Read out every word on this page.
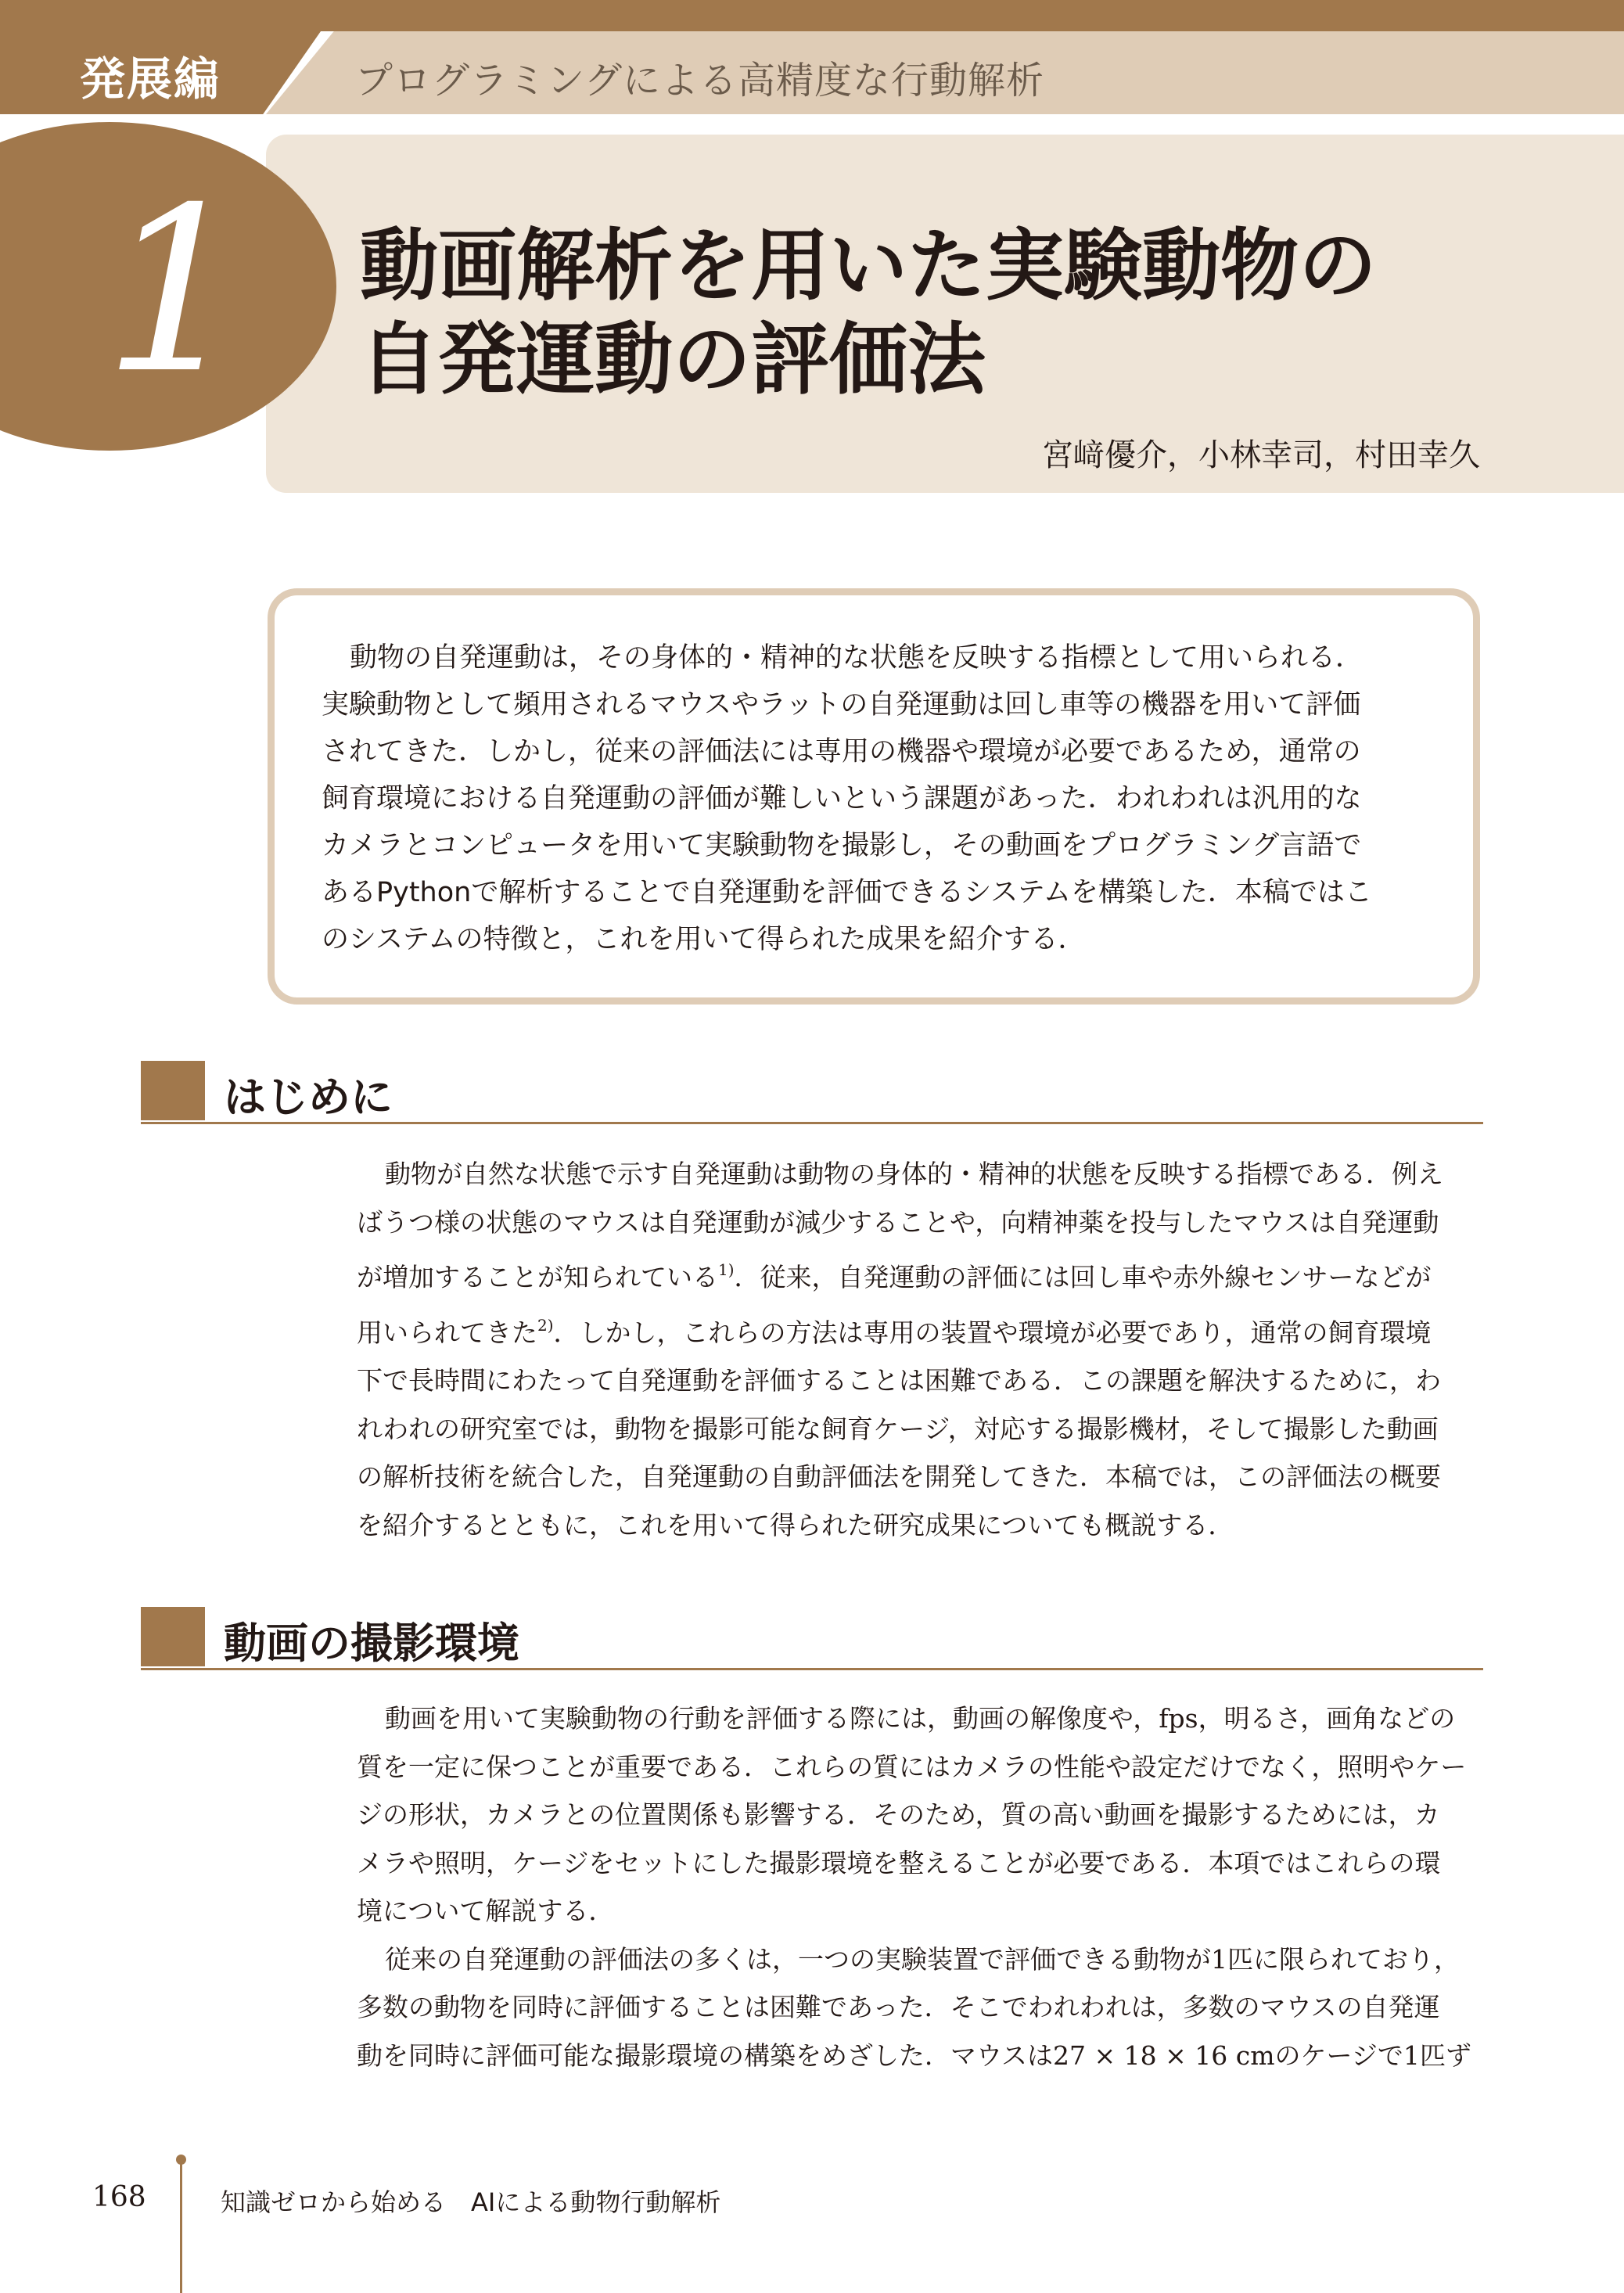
発展編	プログラミングによる高精度な行動解析
1 動画解析を用いた実験動物の
自発運動の評価法
宮﨑優介，小林幸司，村田幸久
動物の自発運動は，その身体的・精神的な状態を反映する指標として用いられる．
実験動物として頻用されるマウスやラットの自発運動は回し車等の機器を用いて評価
されてきた．しかし，従来の評価法には専用の機器や環境が必要であるため，通常の
飼育環境における自発運動の評価が難しいという課題があった．われわれは汎用的な
カメラとコンピュータを用いて実験動物を撮影し，その動画をプログラミング言語で
あるPythonで解析することで自発運動を評価できるシステムを構築した．本稿ではこ
のシステムの特徴と，これを用いて得られた成果を紹介する．
はじめに
動物が自然な状態で示す自発運動は動物の身体的・精神的状態を反映する指標である．例え
ばうつ様の状態のマウスは自発運動が減少することや，向精神薬を投与したマウスは自発運動
が増加することが知られている$^{1)}$．従来，自発運動の評価には回し車や赤外線センサーなどが
用いられてきた$^{2)}$．しかし，これらの方法は専用の装置や環境が必要であり，通常の飼育環境
下で長時間にわたって自発運動を評価することは困難である．この課題を解決するために，わ
れわれの研究室では，動物を撮影可能な飼育ケージ，対応する撮影機材，そして撮影した動画
の解析技術を統合した，自発運動の自動評価法を開発してきた．本稿では，この評価法の概要
を紹介するとともに，これを用いて得られた研究成果についても概説する．
動画の撮影環境
動画を用いて実験動物の行動を評価する際には，動画の解像度や，fps，明るさ，画角などの
質を一定に保つことが重要である．これらの質にはカメラの性能や設定だけでなく，照明やケー
ジの形状，カメラとの位置関係も影響する．そのため，質の高い動画を撮影するためには，カ
メラや照明，ケージをセットにした撮影環境を整えることが必要である．本項ではこれらの環
境について解説する．
従来の自発運動の評価法の多くは，一つの実験装置で評価できる動物が1匹に限られており，
多数の動物を同時に評価することは困難であった．そこでわれわれは，多数のマウスの自発運
動を同時に評価可能な撮影環境の構築をめざした．マウスは27 × 18 × 16 cmのケージで1匹ず
168	知識ゼロから始める　AIによる動物行動解析
